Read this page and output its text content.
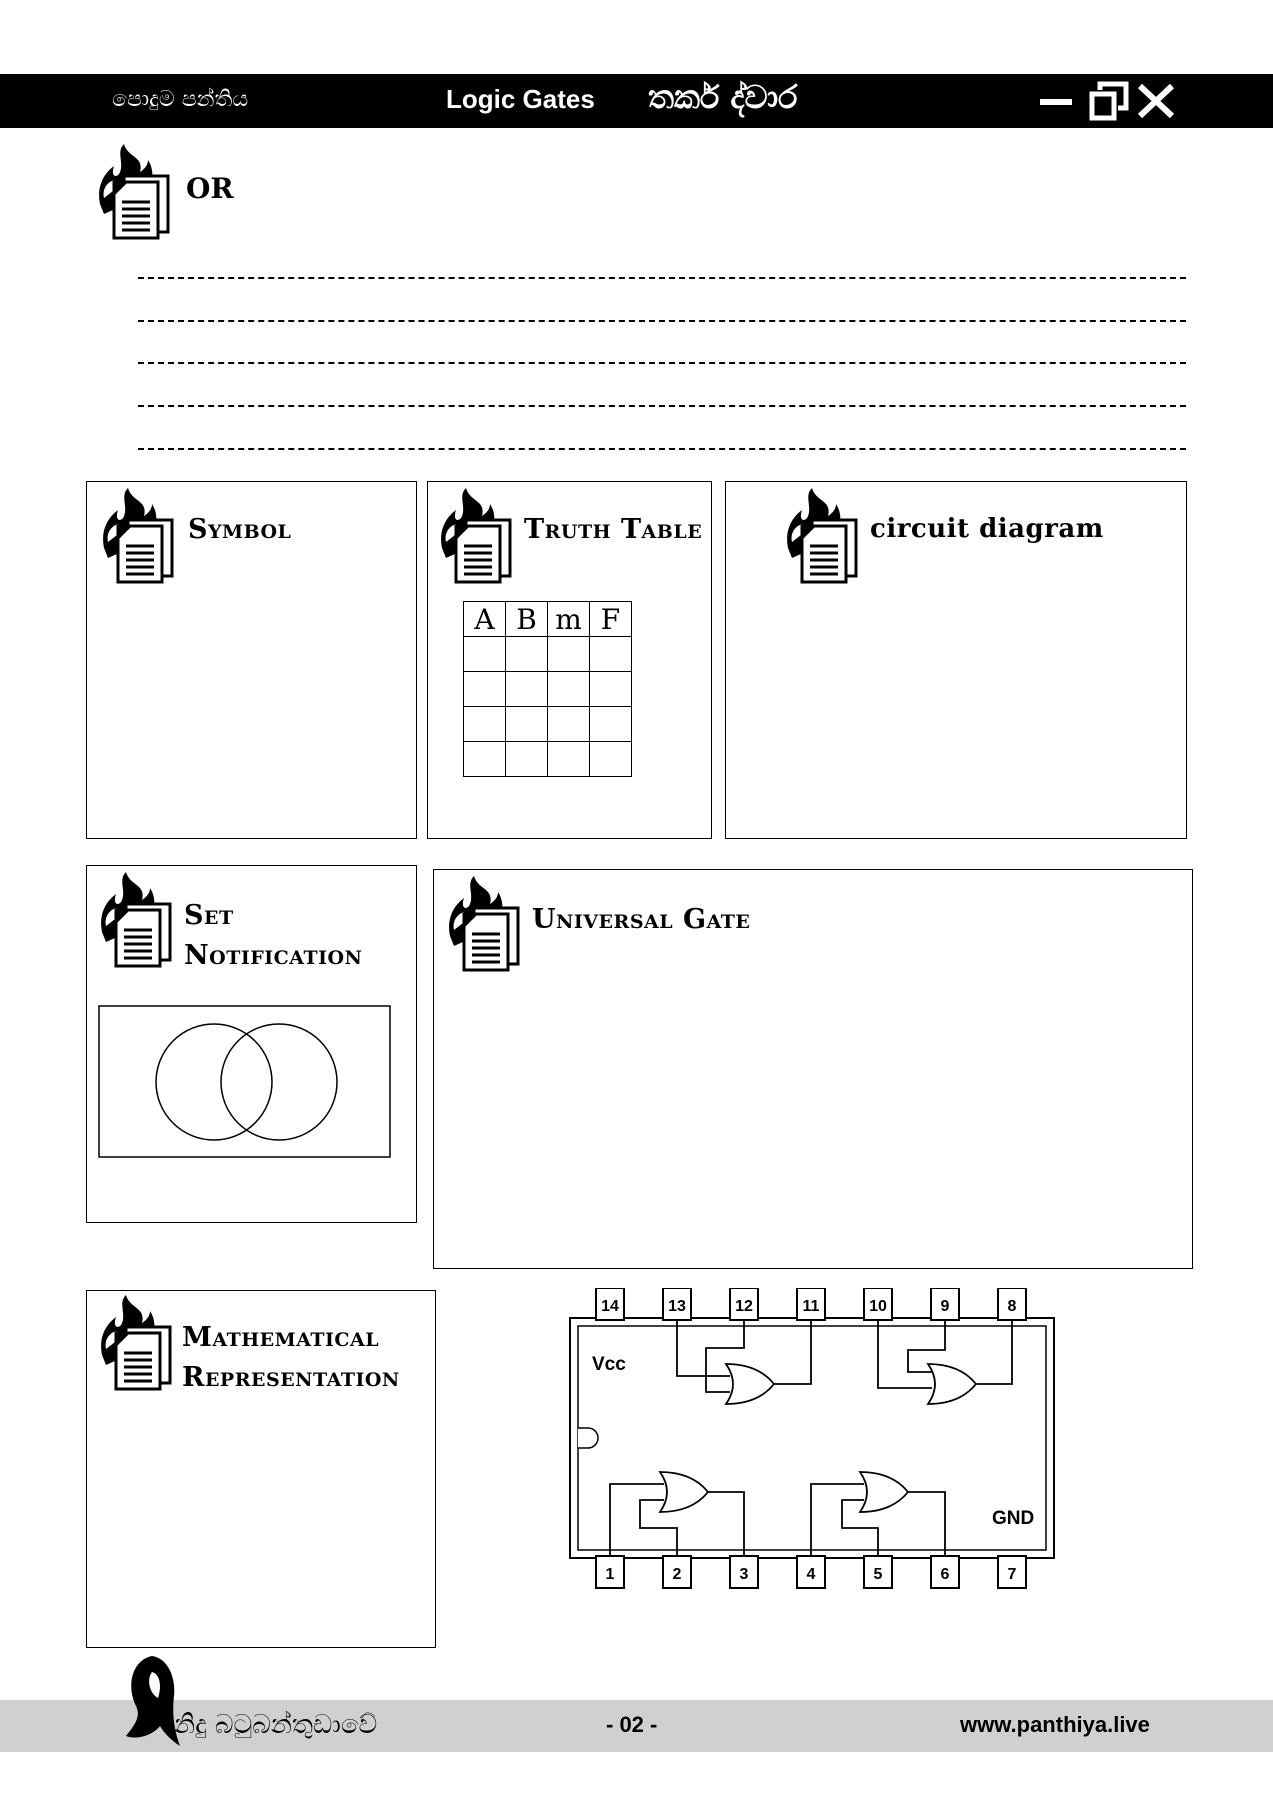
පොදුම පන්තිය	Logic Gates තර්ක ද්වාර
OR
Symbol	Truth Table
A	B	m	F

circuit diagram
Set
Notification
Universal Gate
Mathematical
Representation
14	13	12	11	10	9	8
1	2	3	4	5	6	7
Vcc
GND
නිදු බටුබන්තුඩාවේ	- 02 -	www.panthiya.live
